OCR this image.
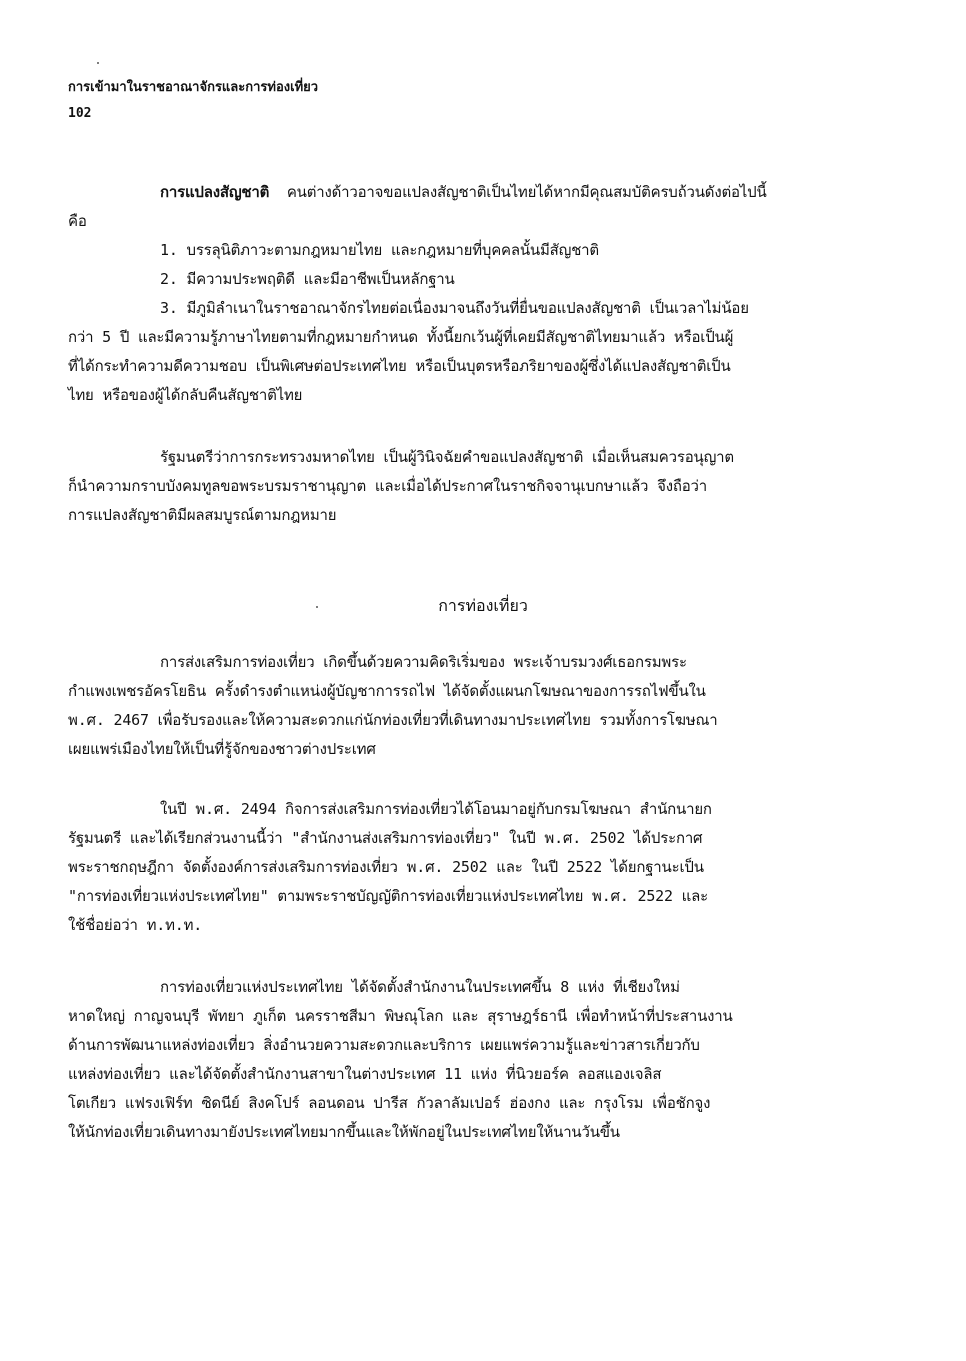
การเข้ามาในราชอาณาจักรและการท่องเที่ยว
102

การแปลงสัญชาติ คนต่างด้าวอาจขอแปลงสัญชาติเป็นไทยได้หากมีคุณสมบัติครบถ้วนดังต่อไปนี้

คือ

1. บรรลุนิติภาวะตามกฎหมายไทย และกฎหมายที่บุคคลนั้นมีสัญชาติ

2. มีความประพฤติดี และมีอาชีพเป็นหลักฐาน

3. มีภูมิลำเนาในราชอาณาจักรไทยต่อเนื่องมาจนถึงวันที่ยื่นขอแปลงสัญชาติ เป็นเวลาไม่น้อย

กว่า 5 ปี และมีความรู้ภาษาไทยตามที่กฎหมายกำหนด ทั้งนี้ยกเว้นผู้ที่เคยมีสัญชาติไทยมาแล้ว หรือเป็นผู้

ที่ได้กระทำความดีความชอบ เป็นพิเศษต่อประเทศไทย หรือเป็นบุตรหรือภริยาของผู้ซึ่งได้แปลงสัญชาติเป็น

ไทย หรือของผู้ได้กลับคืนสัญชาติไทย

รัฐมนตรีว่าการกระทรวงมหาดไทย เป็นผู้วินิจฉัยคำขอแปลงสัญชาติ เมื่อเห็นสมควรอนุญาต

ก็นำความกราบบังคมทูลขอพระบรมราชานุญาต และเมื่อได้ประกาศในราชกิจจานุเบกษาแล้ว จึงถือว่า

การแปลงสัญชาติมีผลสมบูรณ์ตามกฎหมาย

การท่องเที่ยว

การส่งเสริมการท่องเที่ยว เกิดขึ้นด้วยความคิดริเริ่มของ พระเจ้าบรมวงศ์เธอกรมพระ

กำแพงเพชรอัครโยธิน ครั้งดำรงตำแหน่งผู้บัญชาการรถไฟ ได้จัดตั้งแผนกโฆษณาของการรถไฟขึ้นใน

พ.ศ. 2467 เพื่อรับรองและให้ความสะดวกแก่นักท่องเที่ยวที่เดินทางมาประเทศไทย รวมทั้งการโฆษณา

เผยแพร่เมืองไทยให้เป็นที่รู้จักของชาวต่างประเทศ

ในปี พ.ศ. 2494 กิจการส่งเสริมการท่องเที่ยวได้โอนมาอยู่กับกรมโฆษณา สำนักนายก

รัฐมนตรี และได้เรียกส่วนงานนี้ว่า "สำนักงานส่งเสริมการท่องเที่ยว" ในปี พ.ศ. 2502 ได้ประกาศ

พระราชกฤษฎีกา จัดตั้งองค์การส่งเสริมการท่องเที่ยว พ.ศ. 2502 และ ในปี 2522 ได้ยกฐานะเป็น

"การท่องเที่ยวแห่งประเทศไทย" ตามพระราชบัญญัติการท่องเที่ยวแห่งประเทศไทย พ.ศ. 2522 และ

ใช้ชื่อย่อว่า ท.ท.ท.

การท่องเที่ยวแห่งประเทศไทย ได้จัดตั้งสำนักงานในประเทศขึ้น 8 แห่ง ที่เชียงใหม่

หาดใหญ่ กาญจนบุรี พัทยา ภูเก็ต นครราชสีมา พิษณุโลก และ สุราษฎร์ธานี เพื่อทำหน้าที่ประสานงาน

ด้านการพัฒนาแหล่งท่องเที่ยว สิ่งอำนวยความสะดวกและบริการ เผยแพร่ความรู้และข่าวสารเกี่ยวกับ

แหล่งท่องเที่ยว และได้จัดตั้งสำนักงานสาขาในต่างประเทศ 11 แห่ง ที่นิวยอร์ค ลอสแองเจลิส

โตเกียว แฟรงเฟิร์ท ซิดนีย์ สิงคโปร์ ลอนดอน ปารีส กัวลาลัมเปอร์ ฮ่องกง และ กรุงโรม เพื่อชักจูง

ให้นักท่องเที่ยวเดินทางมายังประเทศไทยมากขึ้นและให้พักอยู่ในประเทศไทยให้นานวันขึ้น
